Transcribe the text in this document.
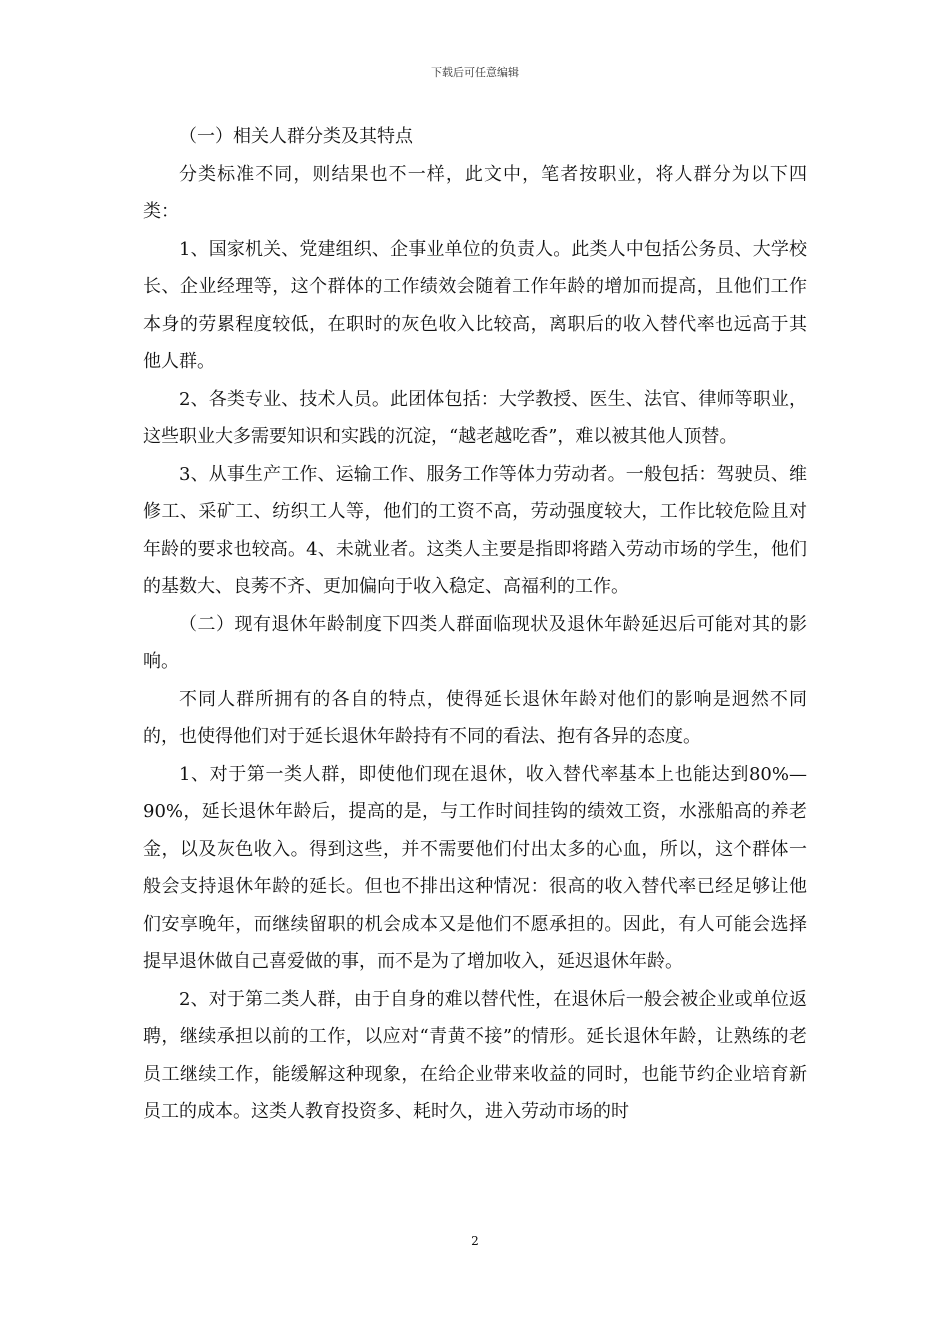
下载后可任意编辑

（一）相关人群分类及其特点

分类标准不同，则结果也不一样，此文中，笔者按职业，将人群分为以下四类：

1、国家机关、党建组织、企事业单位的负责人。此类人中包括公务员、大学校长、企业经理等，这个群体的工作绩效会随着工作年龄的增加而提高，且他们工作本身的劳累程度较低，在职时的灰色收入比较高，离职后的收入替代率也远高于其他人群。

2、各类专业、技术人员。此团体包括：大学教授、医生、法官、律师等职业，这些职业大多需要知识和实践的沉淀，“越老越吃香”，难以被其他人顶替。

3、从事生产工作、运输工作、服务工作等体力劳动者。一般包括：驾驶员、维修工、采矿工、纺织工人等，他们的工资不高，劳动强度较大，工作比较危险且对年龄的要求也较高。4、未就业者。这类人主要是指即将踏入劳动市场的学生，他们的基数大、良莠不齐、更加偏向于收入稳定、高福利的工作。

（二）现有退休年龄制度下四类人群面临现状及退休年龄延迟后可能对其的影响。

不同人群所拥有的各自的特点，使得延长退休年龄对他们的影响是迥然不同的，也使得他们对于延长退休年龄持有不同的看法、抱有各异的态度。

1、对于第一类人群，即使他们现在退休，收入替代率基本上也能达到80%—90%，延长退休年龄后，提高的是，与工作时间挂钩的绩效工资，水涨船高的养老金，以及灰色收入。得到这些，并不需要他们付出太多的心血，所以，这个群体一般会支持退休年龄的延长。但也不排出这种情况：很高的收入替代率已经足够让他们安享晚年，而继续留职的机会成本又是他们不愿承担的。因此，有人可能会选择提早退休做自己喜爱做的事，而不是为了增加收入，延迟退休年龄。

2、对于第二类人群，由于自身的难以替代性，在退休后一般会被企业或单位返聘，继续承担以前的工作，以应对“青黄不接”的情形。延长退休年龄，让熟练的老员工继续工作，能缓解这种现象，在给企业带来收益的同时，也能节约企业培育新员工的成本。这类人教育投资多、耗时久，进入劳动市场的时

2
